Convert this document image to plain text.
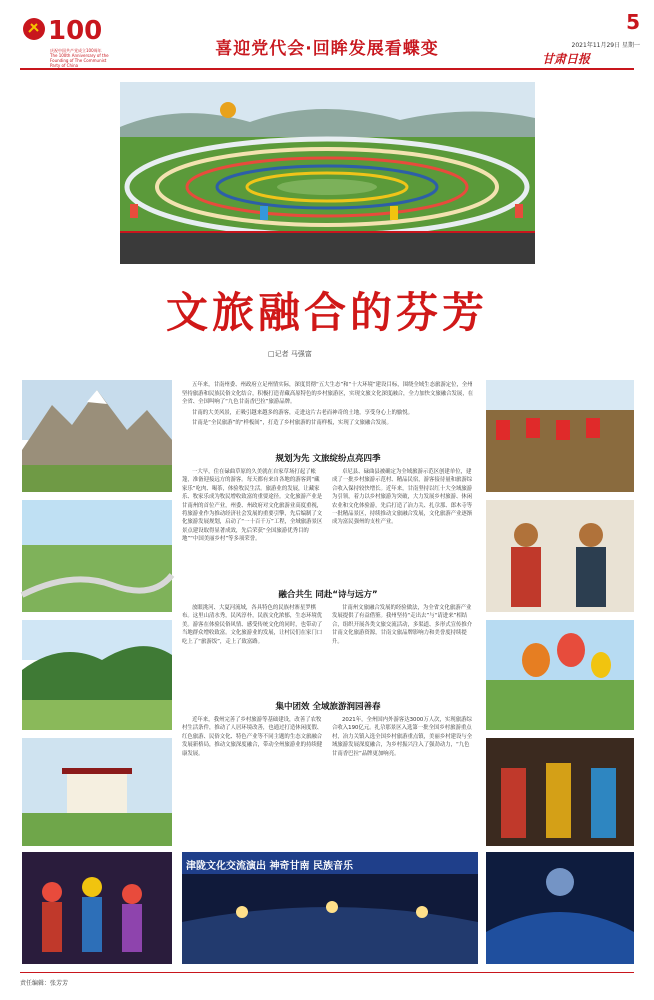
100
庆祝中国共产党成立100周年 The 100th Anniversary of the Founding of The Communist Party of China
喜迎党代会·回眸发展看蝶变
5
2021年11月29日 星期一
甘肃日报
文旅融合的芬芳
□记者 马强富

五年来，甘南州委、州政府立足州情实际，深度贯彻“五大生态”和“十大环境”建设目标，围绕全域生态旅游定位，全州坚持旅游和民族民俗文化结合，积极打造青藏高原特色的乡村旅游区，实现文旅文化深度融合，全力加快文旅融合发展，在全省、全国叫响了“九色甘南香巴拉”旅游品牌。

甘南的大美风景，正吸引越来越多的游客，走进这片古老而神奇的土地，享受身心上的愉悦。

甘南是“全民旅游”的“样板间”，打造了乡村旅游的甘南样板，实现了文旅融合发展。

规划为先 文旅绽纷点亮四季

一大早，住在碌曲草原的久美就在自家草场打起了帐篷，准备迎接远方的游客。每天都有来自各地的游客到“藏家乐”吃肉、喝茶，体验牧民生活。旅游业的发展，让藏家乐、牧家乐成为牧民增收致富的重要途径。文化旅游产业是甘南州的首位产业，州委、州政府对文化旅游业高度重视，将旅游业作为推动经济社会发展的重要引擎，先后编制了文化旅游发展规划，启动了“一十百千万”工程，全域旅游景区景点建设取得显著成效，先后荣获“全国旅游优秀目的地”“中国美丽乡村”等多项荣誉。

卓尼县、碌曲县被确定为全域旅游示范区创建单位，建成了一批乡村旅游示范村、精品民宿，游客接待量和旅游综合收入保持较快增长。近年来，甘南坚持以红十大全域旅游为引领，着力以乡村旅游为突破，大力发展乡村旅游、休闲农业和文化体验游，先后打造了冶力关、扎尕那、郎木寺等一批精品景区，持续推动文旅融合发展，文化旅游产业逐渐成为富民强州的支柱产业。

融合共生 同赴“诗与远方”

放眼洮河、大夏河流域，各具特色的民族村寨星罗棋布。这里山清水秀，民风淳朴，民族文化浓郁，生态环境优美。游客在体验民俗风情、感受传统文化的同时，也带动了当地群众增收致富。文化旅游业的发展，让村民们在家门口吃上了“旅游饭”，走上了致富路。

甘南州文旅融合发展的经验做法，为全省文化旅游产业发展提供了有益借鉴。我州坚持“走出去”与“请进来”相结合，组织开展各类文旅交流活动，多渠道、多形式宣传推介甘南文化旅游资源，甘南文旅品牌影响力和美誉度持续提升。

集中团效 全域旅游润园善春

近年来，我州完善了乡村旅游等基础建设，改善了农牧村生活条件，推动了人居环境改善，也通过打造休闲度假、红色旅游、民俗文化、特色产业等不同主题的生态文旅融合发展新格局，推动文旅深度融合，带动全州旅游业的持续健康发展。

2021年，全州国内外游客达3000万人次，实现旅游综合收入190亿元。扎尕那景区入选第一批全国乡村旅游重点村，冶力关镇入选全国乡村旅游重点镇，美丽乡村建设与全域旅游发展深度融合，为乡村振兴注入了强劲动力，“九色甘南香巴拉”品牌更加响亮。

津陇文化交流演出 神奇甘南 民族音乐
责任编辑：张芳芳
